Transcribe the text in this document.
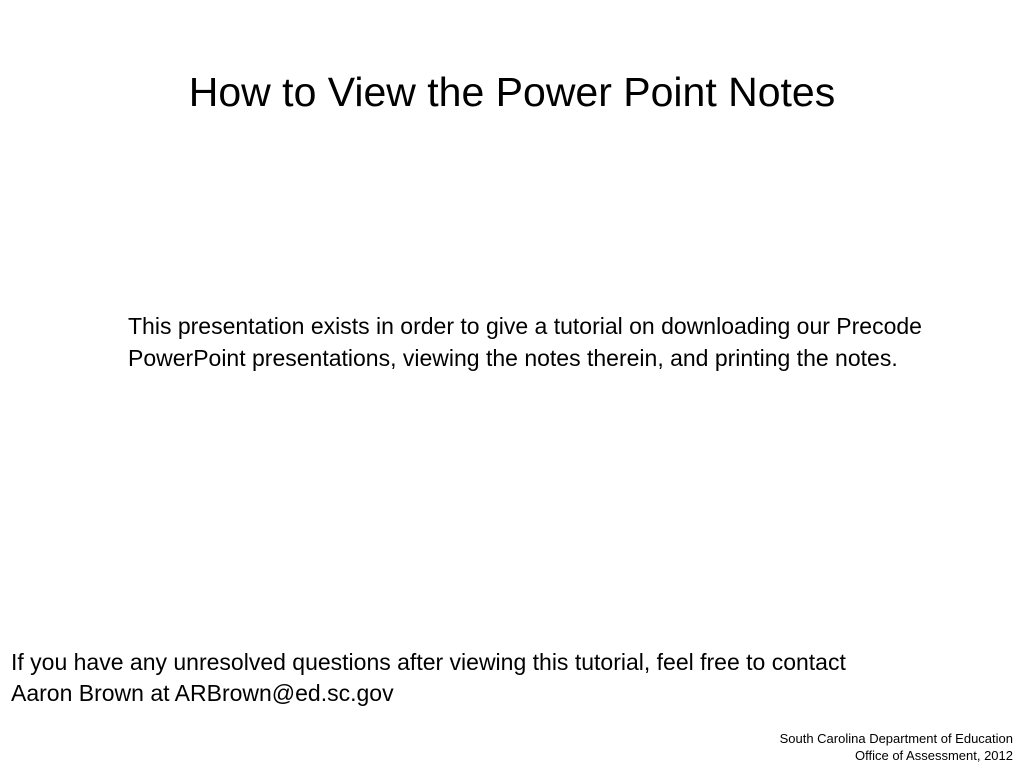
How to View the Power Point Notes

This presentation exists in order to give a tutorial on downloading our Precode PowerPoint presentations, viewing the notes therein, and printing the notes.

If you have any unresolved questions after viewing this tutorial, feel free to contact
Aaron Brown at ARBrown@ed.sc.gov
South Carolina Department of Education
Office of Assessment, 2012
